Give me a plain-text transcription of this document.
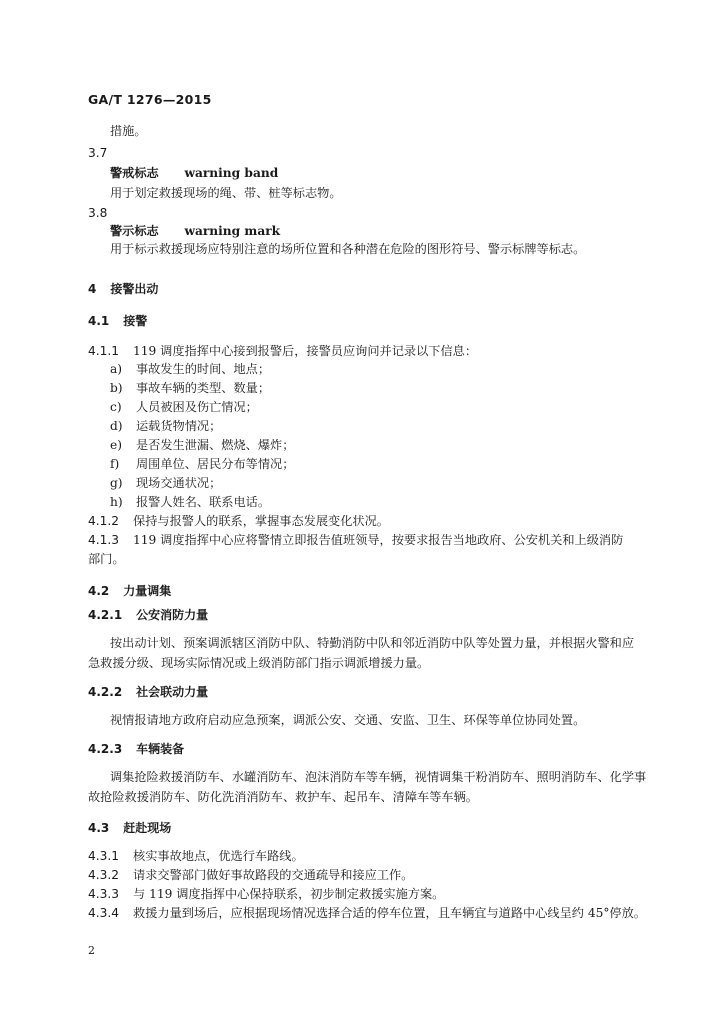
GA/T 1276—2015
措施。
3.7
警戒标志 warning band
用于划定救援现场的绳、带、桩等标志物。
3.8
警示标志 warning mark
用于标示救援现场应特别注意的场所位置和各种潜在危险的图形符号、警示标牌等标志。
4 接警出动
4.1 接警
4.1.1 119 调度指挥中心接到报警后，接警员应询问并记录以下信息：
a) 事故发生的时间、地点；
b) 事故车辆的类型、数量；
c) 人员被困及伤亡情况；
d) 运载货物情况；
e) 是否发生泄漏、燃烧、爆炸；
f) 周围单位、居民分布等情况；
g) 现场交通状况；
h) 报警人姓名、联系电话。
4.1.2 保持与报警人的联系，掌握事态发展变化状况。
4.1.3 119 调度指挥中心应将警情立即报告值班领导，按要求报告当地政府、公安机关和上级消防
部门。
4.2 力量调集
4.2.1 公安消防力量
按出动计划、预案调派辖区消防中队、特勤消防中队和邻近消防中队等处置力量，并根据火警和应
急救援分级、现场实际情况或上级消防部门指示调派增援力量。
4.2.2 社会联动力量
视情报请地方政府启动应急预案，调派公安、交通、安监、卫生、环保等单位协同处置。
4.2.3 车辆装备
调集抢险救援消防车、水罐消防车、泡沫消防车等车辆，视情调集干粉消防车、照明消防车、化学事
故抢险救援消防车、防化洗消消防车、救护车、起吊车、清障车等车辆。
4.3 赶赴现场
4.3.1 核实事故地点，优选行车路线。
4.3.2 请求交警部门做好事故路段的交通疏导和接应工作。
4.3.3 与 119 调度指挥中心保持联系，初步制定救援实施方案。
4.3.4 救援力量到场后，应根据现场情况选择合适的停车位置，且车辆宜与道路中心线呈约 45°停放。
2
